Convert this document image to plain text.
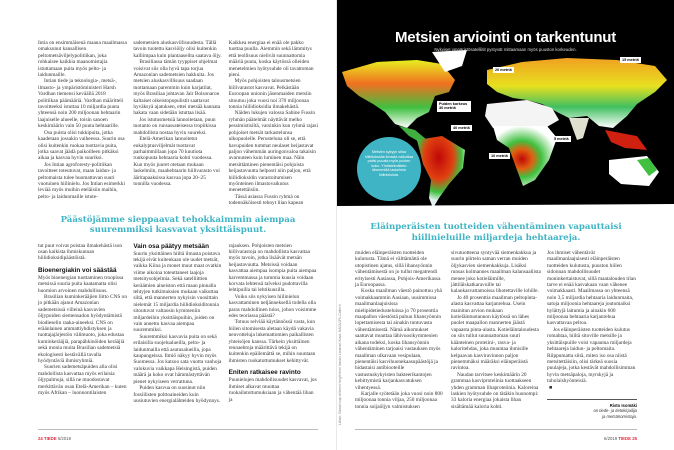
Intia on ensimmäisenä maana maailmassa omaksunut kansallisen peltometsäviljelypolitiikan, joka rohkaisee kaikkia maanomistajia istuttamaan puita myös pelto- ja laidunmaille.

Intian tiede ja teknologia-, metsä-, ilmasto- ja ympäristöministeri Harsh Vardhan tiemensi keväällä 2018 politiikan päämääriä. Vardhan määritteli tavoitteeksi istuttaa 10 miljardia puuta yhteensä noin 200 miljoonan hehtaarin laajuiselle alueelle, toisin sanoen keskimäärin vain 50 puuta hehtaarille.

Osa puista olisi tukkipuita, jotka kaadetaan jossakin vaiheessa. Suurin osa olisi kuitenkin ruokaa tuottavia puita, jotka saavat jäädä paikoilleen pitkäksi aikaa ja kasvaa hyvin suuriksi.

Jos Intian agroforesty-politiikan tavoitteet toteutuvat, maan laidun- ja peltomaista tulee huomattavan suuri vuotuinen hiilinielu. Jos Intian esimerkki leviää myös muihin eteläisiin maihin, pelto- ja laidunmaille istute-

sademetsien aluskasvillisuudesta. Tällä tavoin tuotettu kasviöljy olisi kuitenkin kalliimpaa kuin plantaaseilta saatava öljy.

Brasiliassa tämän tyyppiset ohjelmat voisivat siis olla hyvä tapa torjua Amazonian sademetsien hakkuita. Jos metsien aluskasvillisuus saadaan tuottamaan paremmin kuin karjatilat, myös Brasiliaa johtavan Jair Bolsonaron kaltaiset oikeistopopulistit saattavat hyväksyä ajatuksen, ettei metsää kannata hakata vaan sidetään istuttaa lisää.

Jos istutusmetsiä lannoitetaan, puun tuotanto on runsassateisessa tropiikissa mahdollista nostaa hyvin suureksi.

Etelä-Amerikan lannoitetut eukalyptusviljelmät tuottavat parhaimmillaan jopa 70 kuutiota runkopuuta hehtaaria kohti vuodessa. Kun myös juuret otetaan mukaan laskelmiin, maahehtaarin hiilivarasto voi ääritapaaksissa kasvaa jopa 20–25 tonnilla vuodessa.

Kaikkea energiaa ei enää ole pakko tuottaa puulla. Aiemmin sekä lämmitys että teollisuus nielivät suunnattomia määriä puuta, koska käytössä olleiden menetelmien hyötysuhde oli tavattoman pieni.

Myös pohjoisten talousmetsien hiilivarastot kasvavat. Pelkästään Euroopan unionin jäsenmaiden metsiin sitoutuu joka vuosi noi 370 miljoonaa tonnia hiilidioksidia ilmakehästä.

Näiden lukujen valossa Sabine Fussin ryhmän päätelmät näyttävät melko pessimistisiltä, varsinkin kun ryhmä rajasi pohjoiset metsät tarkastelunsa ulkopuolelle. Perusteluna oli se, että havupuiden tummat neulaset heijastavat paljon vähemmän auringonvaloa takaisin avaruuteen kuin luminen maa. Näin metsittäminen pienentäisi pohjoista heijastavuutta helposti niin paljon, että hiilidioksidin varastoitumisen myönteinen ilmastovaikutus menetettäisiin.

Tässä asiassa Fussin ryhmä on todennäköisesti tehnyt liian kapean

Päästöjämme sieppaavat tehokkaimmin aiempaa suuremmiksi kasvavat yksittäispuut.

tut puut voivat poistaa ilmakehästä ison osan kaikista ihmiskunnan hiilidioksidipäästöistä.

Bioenergiakin voi säästää

Myös bioenergian tuottaminen troopissa metsissä suuria puita kaatamatta olisi huomion arvoinen mahdollisuus.

Brasilian kuminkerääjien liitto CNS on jo pitkään ajanut Amazonian sademetsissä villeinä kasvavien öljypuiden siemensadon hyödyntämistä biodieselin raaka-aineeksi. CNS on eräänlainen ammattiyhdistyksen ja tuottajajärjestön välimuoto, joka edustaa kuminkerääjiä, parapähkinöiden kerääjiä sekä monia muita Brasilian sademetsiä ekologisesti kestävällä tavalla hyödyntäviä ihmisryhmiä.

Suurien sademetsäpuiden alla olisi mahdollista kasvattaa myös erilaisia öljypalmuja, sillä ne muodostavat merkittävän osan Etelä-Amerikan – kuten myös Afrikan – luonnontilaisten

Vain osa päätyy metsään

Suurin yksittäinen hiiltä ilmasta poistava tekijä eivät kuitenkaan ole uudet metsät, vaikka Kiina ja monet muut maat ovatkin viime aikoina toteuttaneet laajoja metsitysohjelmia. Sekä satelliittien keräämien aineiston että maan pinnalla tehtyjen tutkimuksien mukaan vaikuttaa siltä, että mannerten nykyisin vuosittain nielemät 15 miljardia hiilidioksiditonnia sitoutuvat valtaosin kymmeniin miljardeihin yksittäispuihin, joiden on vain annettu kasvaa aiempaa suuremmiksi.

Suuremmiksi kasvavia puita on sekä erilaisilla suojelualueilla, pelto- ja laidunmailla että asutusalueilla, jopa kaupungeissa. Ilmiö näkyy hyvin myös Suomessa. Jos katsoo sata vuotta vanhoja valokuvia vaikkapa Helsingistä, puiden määrä ja koko ovat hämmästyttävän pienet nykyiseen verrattuna.

Puiden kasvua on suosinut niin fossiilisten polttoaineiden kuin uusiutuvien energialähteiden hyödynnys.

rajauksen. Pohjoisten metsien hiilivarastoja on mahdollista kasvattaa myös tavoin, jotka lisäävät metsän heijastavuutta. Metsissä voidaan kasvattaa aiempaa isompia puita aiempaa harvemmassa ja tummia kuusia voidaan korvata lehtensä talveksi pudottavilla lehtipuilla tai lehtikuusilla.

Voiko siis nykyisen hiilinielun kasvattaminen neljänneksellä todella olla paras mahdollinen tulos, johon voisimme edes teoriassa päästä?

Totuus selviää käytännössä vasta, kun hiilen sitomisesta aletaan käydä vakavia neuvotteluja lukemattomien paikallisten yhteisöjen kanssa. Tärkein yksittäinen reunaehtoja määrittävä tekijä on kuitenkin epäilemättä se, mihin suuntaan ihmisten ruokatottumukset kehittyvät.

Eniten ratkaisee ravinto

Puunielujen mahdollisuudet kasvavat, jos ihmiset alkavat muuttaa ruokailutottumuksiaan ja vähentää lihan ja

24 TIEDE 6/2019
Metsien arviointi on tarkentunut
Nykyiset ympäristösatelliitit pystyvät mittaamaan myös puuston korkeuden.
Puiden korkeus 30 metriä
40 metriä
20 metriä
15 metriä
5 metriä
10 metriä
Metsien kykyyn sitoa hiilidioksidia ilmasta vaikuttaa paitsi puuala myös puiden koko. Yhdistelmätieto täsmentää laskelmia hiilinieluista.
Lähde: Global map of forest height from Nasa's Landsat. Kuva: NASA/JPL-Caltech
Eläinperäisten tuotteiden vähentäminen vapauttaisi hiilinieluille miljardeja hehtaareja.

muiden eläinperäisten tuotteiden kulutusta. Tämä ei välttämättä ole utopistinen ajatus, sillä lihansyönnin vähentämisestä on jo tullut megatrendi erityisesti Aasiassa, Pohjois-Amerikassa ja Euroopassa.

Koska maailman väestö painottuu yhä voimakkaammin Aasiaan, uusimmissa maailmanlaajuisissa mielipidetiedusteluissa jo 70 prosenttia maapallon väestöstä puhuu lihansyönnin lopettamisesta tai ainakin tuntuvasta vähentämisestä. Nämä aikomukset saattavat muuttaa lähivuosikymmenien aikana todeksi, koska lihansyönnin vähentäminen tarjoaisi vastauksen myös maailman ulkavaan vesipulaan, pienentäisi kasvihuonekaasupäästöjä ja hidastaisi antibiooteille vastustuskykyisten bakteerikantojen kehittymistä karjankasvatuksen vihentyessä.

Karjalle syötetään joka vuosi noin 800 miljoonaa tonnia viljaa, 250 miljoonaa tonnia soijaöljyn valmistuksen

sivutuotteena syntyvää siemenkakkua ja suurin piirtein saman verran muiden öljykasvien siemenkakkuja. Lisäksi runsas kolmannes maailman kalansaaliista menee joko kotieläimille, jättiläiskatkaravuille tai kalankasvattamoissa lihotettaville lohille.

Jo 40 prosenttia maailman peltopinta-alasta kasvattaa karjanrehua. Usein mainitun arvion mukaan kotieläintuotannon käytössä on lähes puolet maapallon mannerten jäästä vapaasta pinta-alasta. Kotieläintaloudesta on siis tullut suunnattoman suuri käänteinen proteiini-, rasva- ja kaloritehdas, joka muuntaa ihmisille kelpaavan kasviravinnon paljon pienemmäksi määräksi eläinperäistä ravintoa.

Naudan tarvitsee keskimäärin 20 grammaa kasviproteiinia tuottaakseen yhden gramman lihaproteiinia. Kaloreina laskien hyötysuhde on tätäkin huonompi: 33 kaloria energiaa jokaista lihan sisältämää kaloria kohti.

Jos ihmiset vähentävät maailmanlaajuisesti eläinperäisten tuotteiden kulutusta, puuston hiilen sidonnan mahdollisuudet moninkertaistuvat, sillä maatalouden tilan tarve ei enää kasvakaan vaan vähenee voimakkaasti. Maailmassa on yhteensä noin 3,5 miljardia hehtaaria laidunmaita, satoja miljoonia hehtaareja joutomaiksi hylättyjä laitumia ja ainakin 600 miljoonaa hehtaaria karjanrehua kasvattavaa peltoa.

Jos eläinperäisten tuotteiden kulutus romahtaa, hiiltä sitoville metsille ja yksittäispuille voisi vapautua miljardeja hehtaareja laidun- ja peltomaita. Riippumatta siitä, miten iso osa niistä metsitettäisiin, olisi tärkeä suosia puulajeja, jotka kestävät mahdollisimman hyvin metsäpaloja, myrskyjä ja tuholaishyönteisiä.

■
Risto Isomäki
on tiede- ja tietokirjailija
ja metsänomistaja.
6/2019 TIEDE 25
